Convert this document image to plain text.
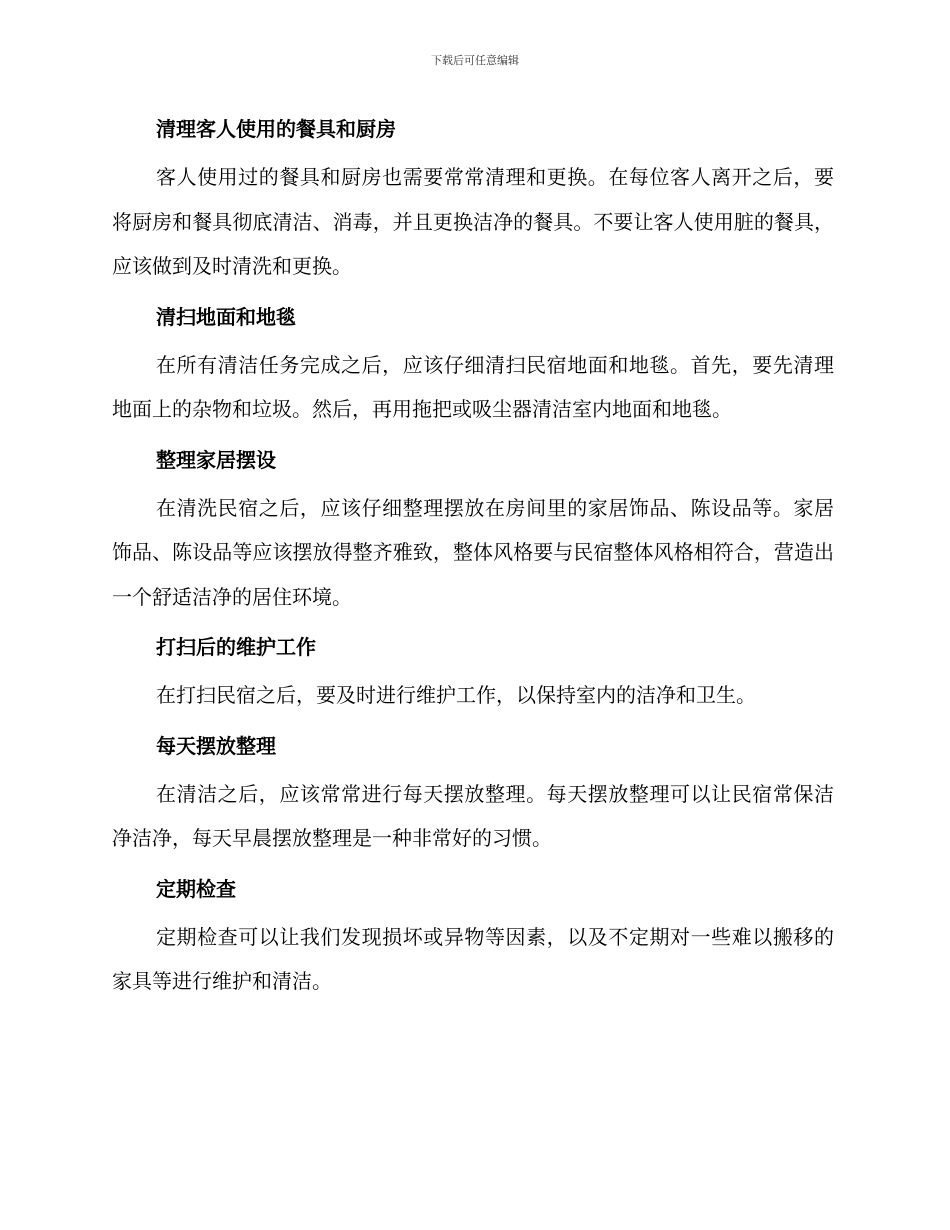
下载后可任意编辑
清理客人使用的餐具和厨房

客人使用过的餐具和厨房也需要常常清理和更换。在每位客人离开之后，要将厨房和餐具彻底清洁、消毒，并且更换洁净的餐具。不要让客人使用脏的餐具，应该做到及时清洗和更换。

清扫地面和地毯

在所有清洁任务完成之后，应该仔细清扫民宿地面和地毯。首先，要先清理地面上的杂物和垃圾。然后，再用拖把或吸尘器清洁室内地面和地毯。

整理家居摆设

在清洗民宿之后，应该仔细整理摆放在房间里的家居饰品、陈设品等。家居饰品、陈设品等应该摆放得整齐雅致，整体风格要与民宿整体风格相符合，营造出一个舒适洁净的居住环境。

打扫后的维护工作

在打扫民宿之后，要及时进行维护工作，以保持室内的洁净和卫生。

每天摆放整理

在清洁之后，应该常常进行每天摆放整理。每天摆放整理可以让民宿常保洁净洁净，每天早晨摆放整理是一种非常好的习惯。

定期检查

定期检查可以让我们发现损坏或异物等因素，以及不定期对一些难以搬移的家具等进行维护和清洁。
